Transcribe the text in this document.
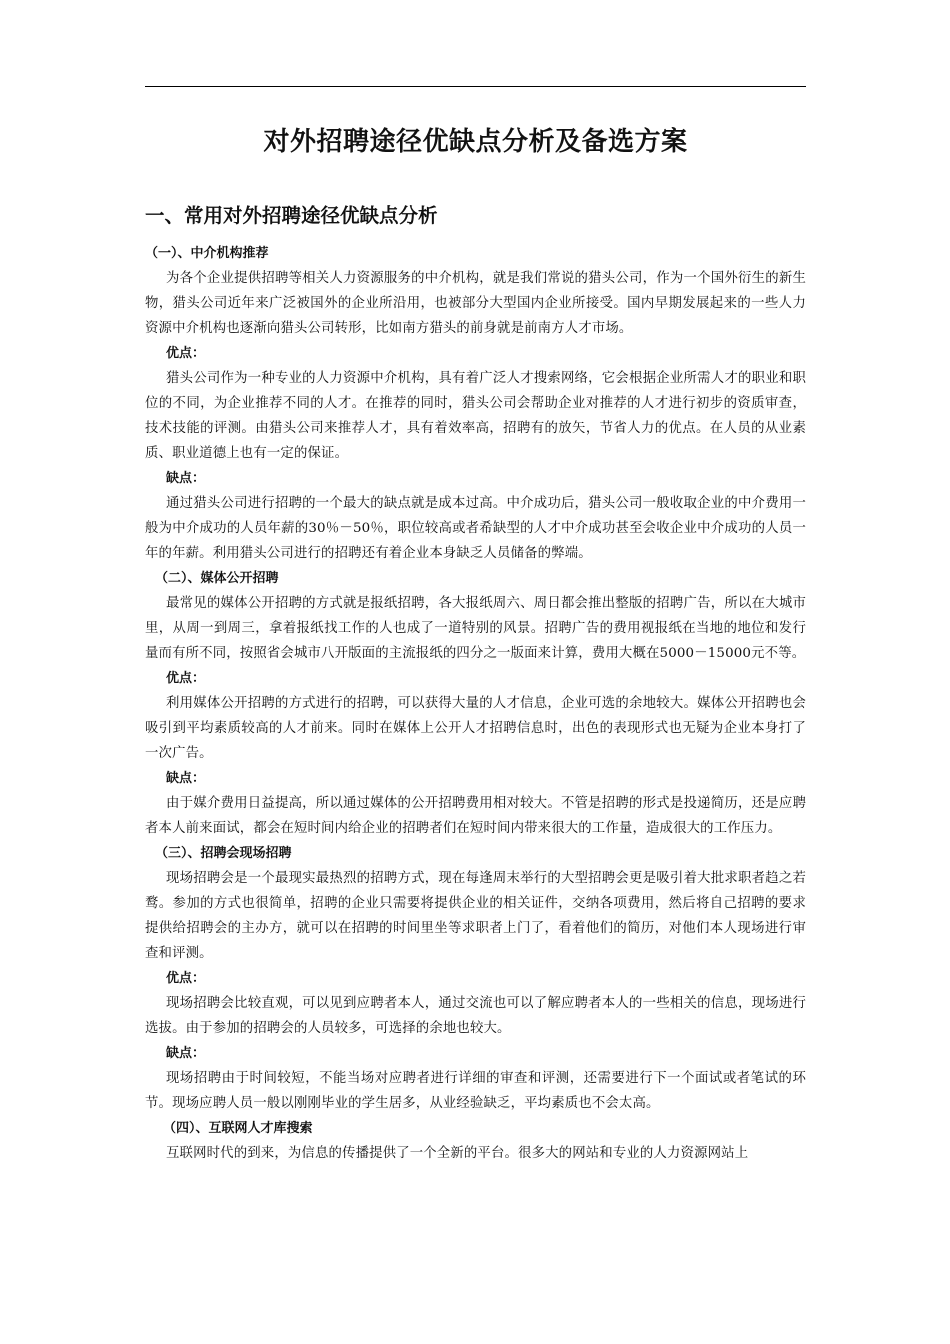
对外招聘途径优缺点分析及备选方案
一、常用对外招聘途径优缺点分析
（一）、中介机构推荐

为各个企业提供招聘等相关人力资源服务的中介机构，就是我们常说的猎头公司，作为一个国外衍生的新生物，猎头公司近年来广泛被国外的企业所沿用，也被部分大型国内企业所接受。国内早期发展起来的一些人力资源中介机构也逐渐向猎头公司转形，比如南方猎头的前身就是前南方人才市场。

优点：

猎头公司作为一种专业的人力资源中介机构，具有着广泛人才搜索网络，它会根据企业所需人才的职业和职位的不同，为企业推荐不同的人才。在推荐的同时，猎头公司会帮助企业对推荐的人才进行初步的资质审查，技术技能的评测。由猎头公司来推荐人才，具有着效率高，招聘有的放矢，节省人力的优点。在人员的从业素质、职业道德上也有一定的保证。

缺点：

通过猎头公司进行招聘的一个最大的缺点就是成本过高。中介成功后，猎头公司一般收取企业的中介费用一般为中介成功的人员年薪的30％－50％，职位较高或者希缺型的人才中介成功甚至会收企业中介成功的人员一年的年薪。利用猎头公司进行的招聘还有着企业本身缺乏人员储备的弊端。

（二）、媒体公开招聘

最常见的媒体公开招聘的方式就是报纸招聘，各大报纸周六、周日都会推出整版的招聘广告，所以在大城市里，从周一到周三，拿着报纸找工作的人也成了一道特别的风景。招聘广告的费用视报纸在当地的地位和发行量而有所不同，按照省会城市八开版面的主流报纸的四分之一版面来计算，费用大概在5000－15000元不等。

优点：

利用媒体公开招聘的方式进行的招聘，可以获得大量的人才信息，企业可选的余地较大。媒体公开招聘也会吸引到平均素质较高的人才前来。同时在媒体上公开人才招聘信息时，出色的表现形式也无疑为企业本身打了一次广告。

缺点：

由于媒介费用日益提高，所以通过媒体的公开招聘费用相对较大。不管是招聘的形式是投递简历，还是应聘者本人前来面试，都会在短时间内给企业的招聘者们在短时间内带来很大的工作量，造成很大的工作压力。

（三）、招聘会现场招聘

现场招聘会是一个最现实最热烈的招聘方式，现在每逢周末举行的大型招聘会更是吸引着大批求职者趋之若鹜。参加的方式也很简单，招聘的企业只需要将提供企业的相关证件，交纳各项费用，然后将自己招聘的要求提供给招聘会的主办方，就可以在招聘的时间里坐等求职者上门了，看着他们的简历，对他们本人现场进行审查和评测。

优点：

现场招聘会比较直观，可以见到应聘者本人，通过交流也可以了解应聘者本人的一些相关的信息，现场进行选拔。由于参加的招聘会的人员较多，可选择的余地也较大。

缺点：

现场招聘由于时间较短，不能当场对应聘者进行详细的审查和评测，还需要进行下一个面试或者笔试的环节。现场应聘人员一般以刚刚毕业的学生居多，从业经验缺乏，平均素质也不会太高。

（四）、互联网人才库搜索

互联网时代的到来，为信息的传播提供了一个全新的平台。很多大的网站和专业的人力资源网站上
